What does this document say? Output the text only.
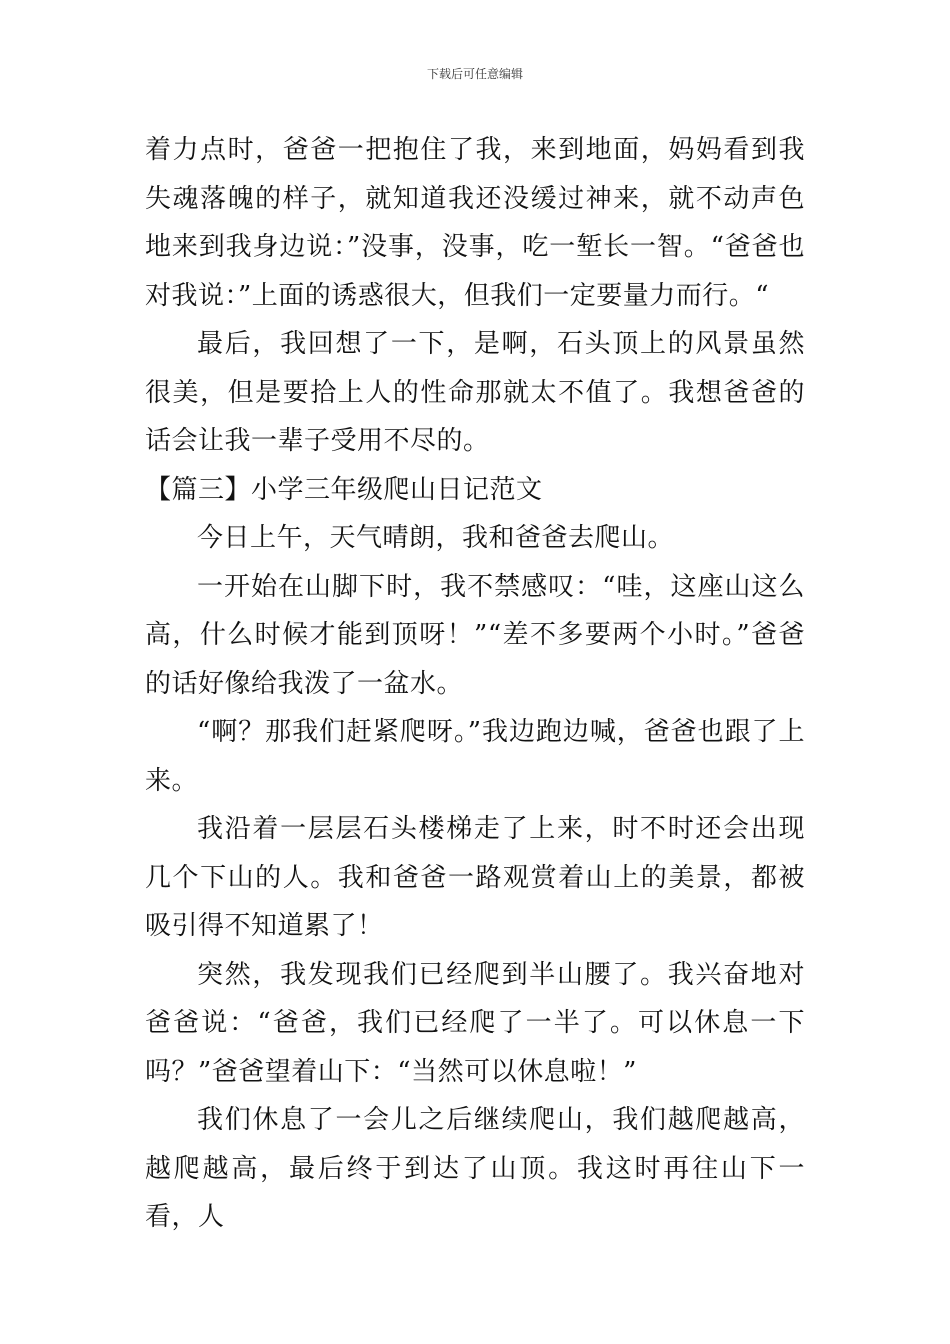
下载后可任意编辑

着力点时，爸爸一把抱住了我，来到地面，妈妈看到我失魂落魄的样子，就知道我还没缓过神来，就不动声色地来到我身边说：”没事，没事，吃一堑长一智。“爸爸也对我说：”上面的诱惑很大，但我们一定要量力而行。“

最后，我回想了一下，是啊，石头顶上的风景虽然很美，但是要拾上人的性命那就太不值了。我想爸爸的话会让我一辈子受用不尽的。

【篇三】小学三年级爬山日记范文

今日上午，天气晴朗，我和爸爸去爬山。

一开始在山脚下时，我不禁感叹：“哇，这座山这么高，什么时候才能到顶呀！”“差不多要两个小时。”爸爸的话好像给我泼了一盆水。

“啊？那我们赶紧爬呀。”我边跑边喊，爸爸也跟了上来。

我沿着一层层石头楼梯走了上来，时不时还会出现几个下山的人。我和爸爸一路观赏着山上的美景，都被吸引得不知道累了！

突然，我发现我们已经爬到半山腰了。我兴奋地对爸爸说：“爸爸，我们已经爬了一半了。可以休息一下吗？”爸爸望着山下：“当然可以休息啦！”

我们休息了一会儿之后继续爬山，我们越爬越高，越爬越高，最后终于到达了山顶。我这时再往山下一看，人
